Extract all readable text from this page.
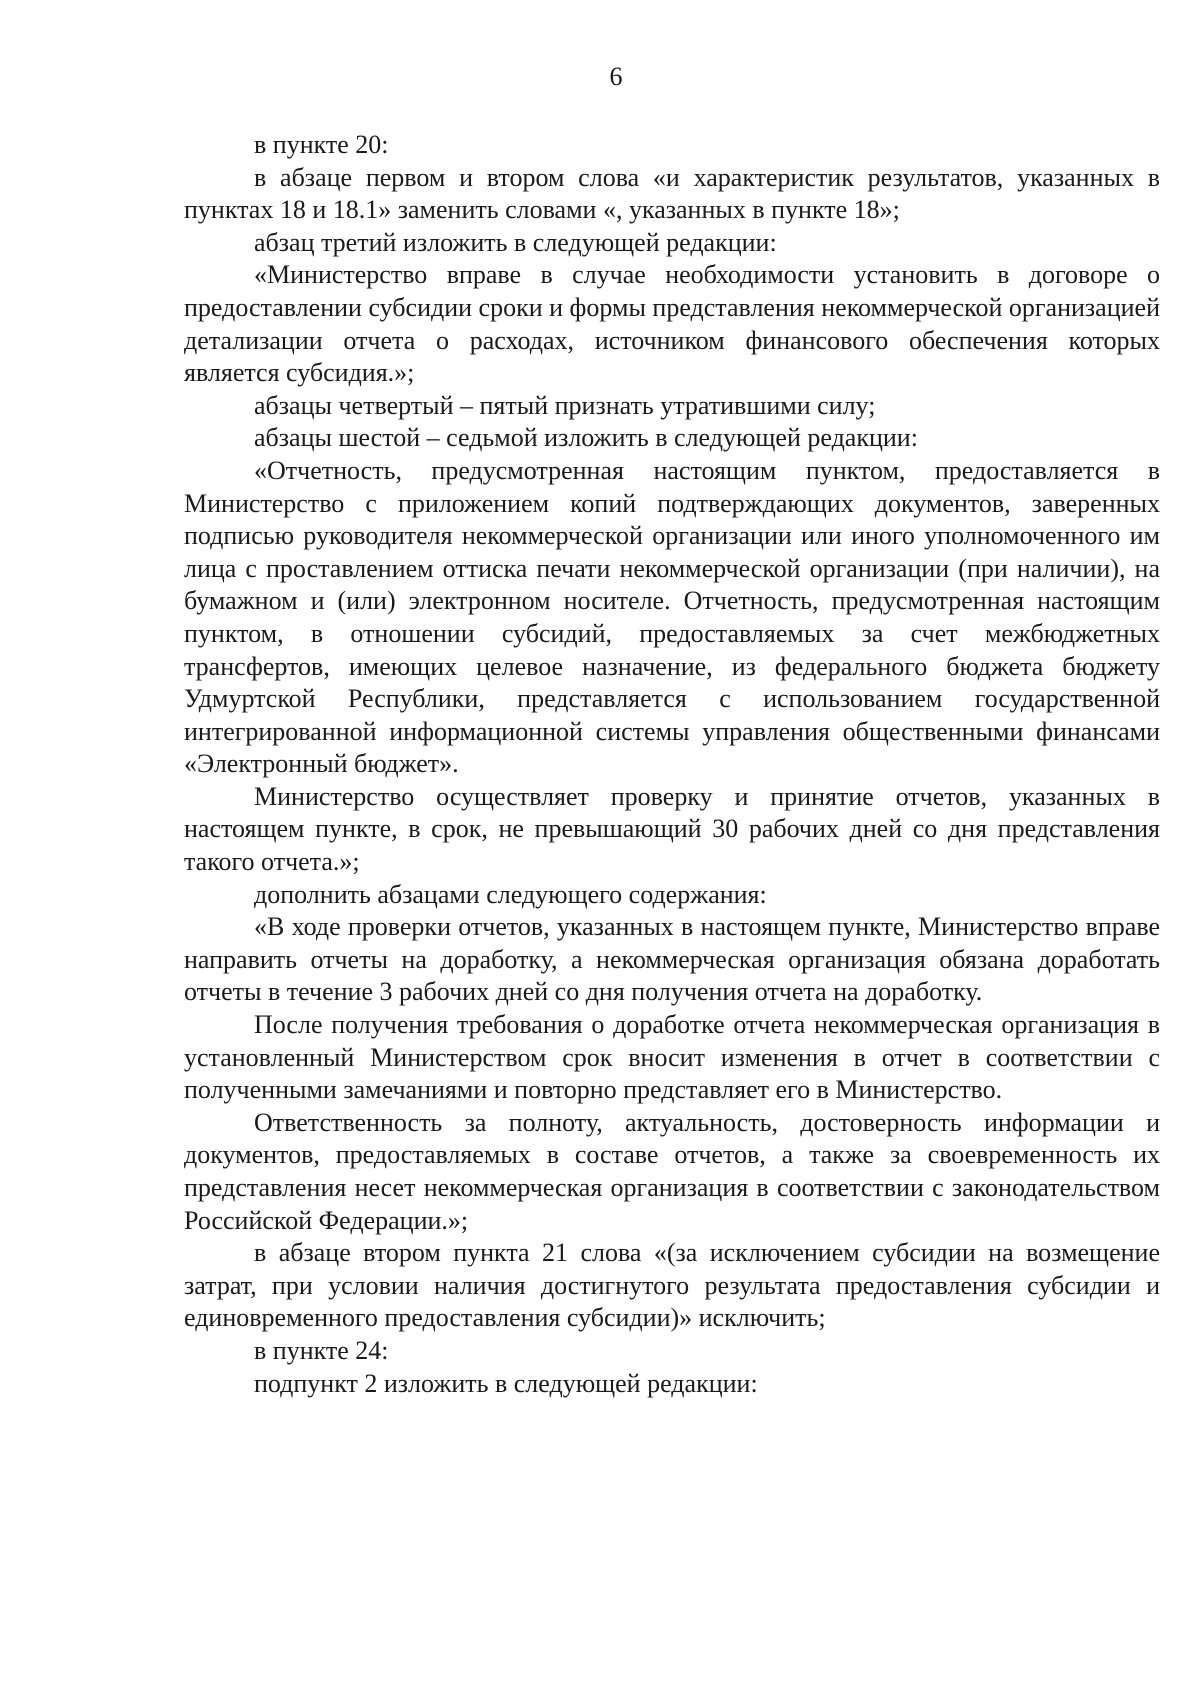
6

в пункте 20:

в абзаце первом и втором слова «и характеристик результатов, указанных в пунктах 18 и 18.1» заменить словами «, указанных в пункте 18»;

абзац третий изложить в следующей редакции:

«Министерство вправе в случае необходимости установить в договоре о предоставлении субсидии сроки и формы представления некоммерческой организацией детализации отчета о расходах, источником финансового обеспечения которых является субсидия.»;

абзацы четвертый – пятый признать утратившими силу;

абзацы шестой – седьмой изложить в следующей редакции:

«Отчетность, предусмотренная настоящим пунктом, предоставляется в Министерство с приложением копий подтверждающих документов, заверенных подписью руководителя некоммерческой организации или иного уполномоченного им лица с проставлением оттиска печати некоммерческой организации (при наличии), на бумажном и (или) электронном носителе. Отчетность, предусмотренная настоящим пунктом, в отношении субсидий, предоставляемых за счет межбюджетных трансфертов, имеющих целевое назначение, из федерального бюджета бюджету Удмуртской Республики, представляется с использованием государственной интегрированной информационной системы управления общественными финансами «Электронный бюджет».

Министерство осуществляет проверку и принятие отчетов, указанных в настоящем пункте, в срок, не превышающий 30 рабочих дней со дня представления такого отчета.»;

дополнить абзацами следующего содержания:

«В ходе проверки отчетов, указанных в настоящем пункте, Министерство вправе направить отчеты на доработку, а некоммерческая организация обязана доработать отчеты в течение 3 рабочих дней со дня получения отчета на доработку.

После получения требования о доработке отчета некоммерческая организация в установленный Министерством срок вносит изменения в отчет в соответствии с полученными замечаниями и повторно представляет его в Министерство.

Ответственность за полноту, актуальность, достоверность информации и документов, предоставляемых в составе отчетов, а также за своевременность их представления несет некоммерческая организация в соответствии с законодательством Российской Федерации.»;

в абзаце втором пункта 21 слова «(за исключением субсидии на возмещение затрат, при условии наличия достигнутого результата предоставления субсидии и единовременного предоставления субсидии)» исключить;

в пункте 24:

подпункт 2 изложить в следующей редакции:
